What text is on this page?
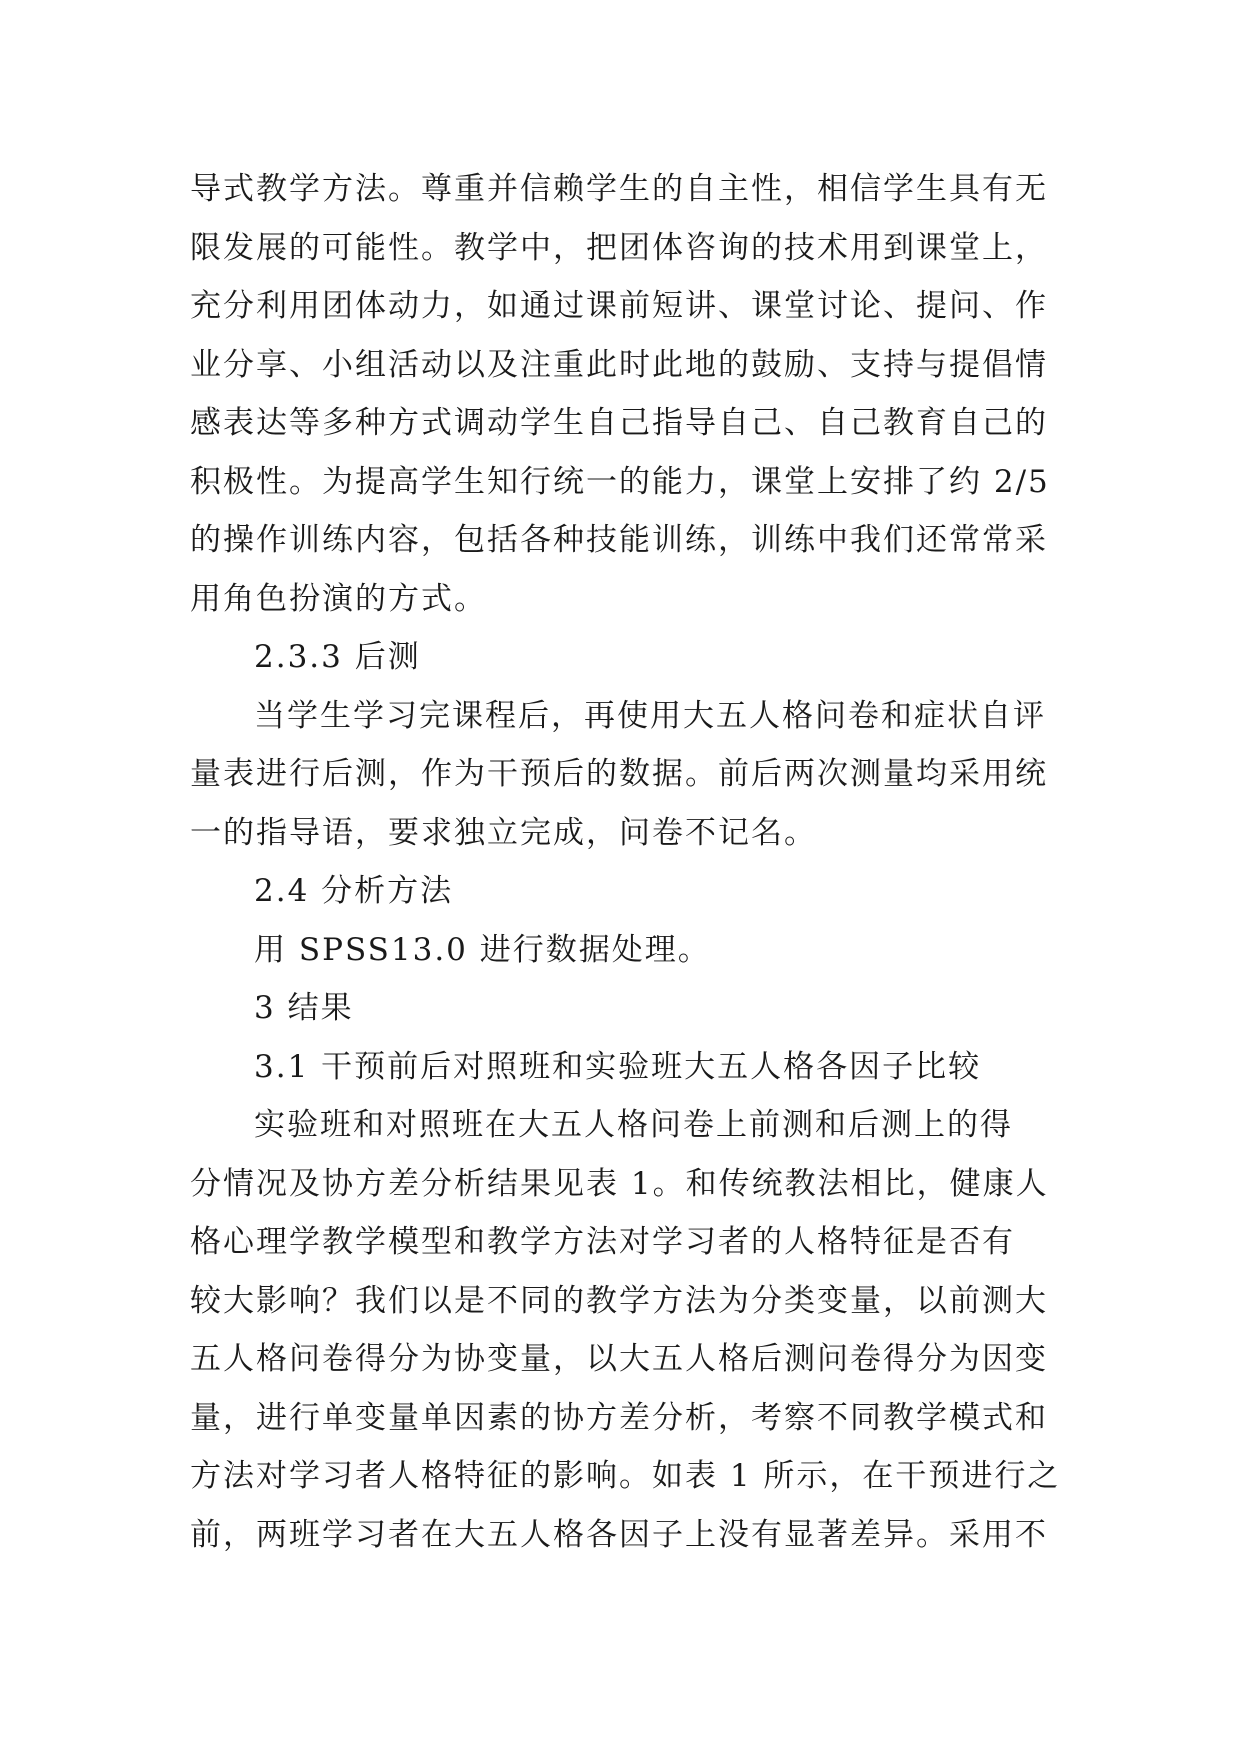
导式教学方法。尊重并信赖学生的自主性，相信学生具有无
限发展的可能性。教学中，把团体咨询的技术用到课堂上，
充分利用团体动力，如通过课前短讲、课堂讨论、提问、作
业分享、小组活动以及注重此时此地的鼓励、支持与提倡情
感表达等多种方式调动学生自己指导自己、自己教育自己的
积极性。为提高学生知行统一的能力，课堂上安排了约 2/5
的操作训练内容，包括各种技能训练，训练中我们还常常采
用角色扮演的方式。
2.3.3 后测
当学生学习完课程后，再使用大五人格问卷和症状自评
量表进行后测，作为干预后的数据。前后两次测量均采用统
一的指导语，要求独立完成，问卷不记名。
2.4 分析方法
用 SPSS13.0 进行数据处理。
3 结果
3.1 干预前后对照班和实验班大五人格各因子比较
实验班和对照班在大五人格问卷上前测和后测上的得
分情况及协方差分析结果见表 1。和传统教法相比，健康人
格心理学教学模型和教学方法对学习者的人格特征是否有
较大影响？我们以是不同的教学方法为分类变量，以前测大
五人格问卷得分为协变量，以大五人格后测问卷得分为因变
量，进行单变量单因素的协方差分析，考察不同教学模式和
方法对学习者人格特征的影响。如表 1 所示，在干预进行之
前，两班学习者在大五人格各因子上没有显著差异。采用不
